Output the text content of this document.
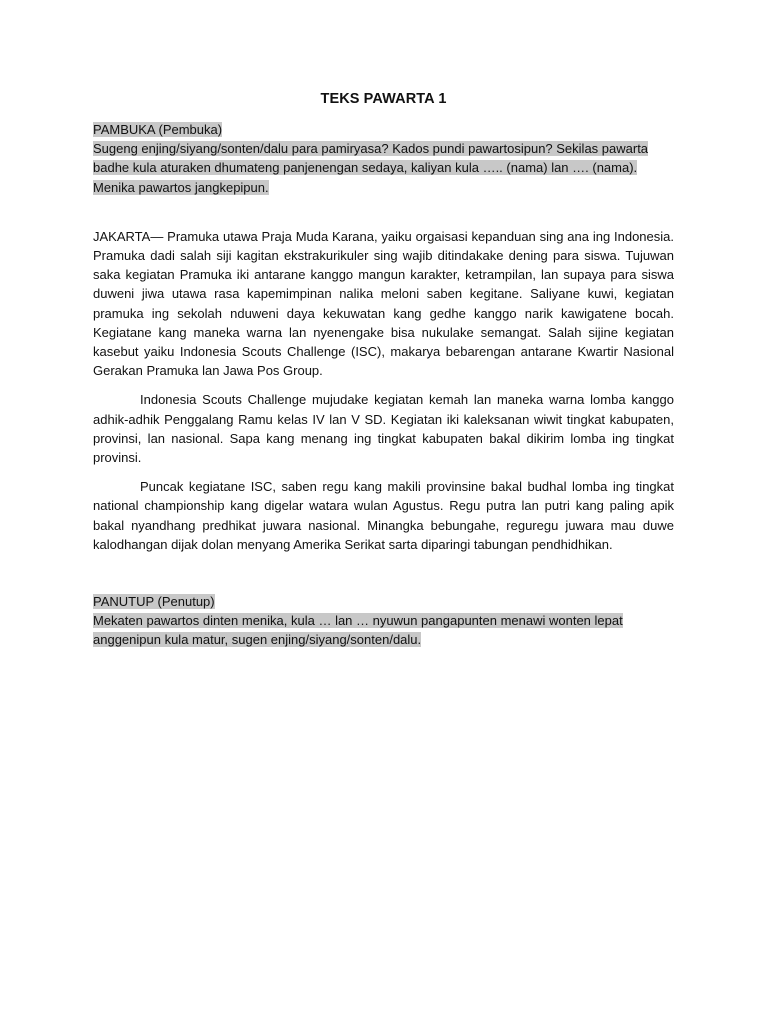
TEKS PAWARTA 1

PAMBUKA (Pembuka)
Sugeng enjing/siyang/sonten/dalu para pamiryasa? Kados pundi pawartosipun? Sekilas pawarta badhe kula aturaken dhumateng panjenengan sedaya, kaliyan kula ….. (nama) lan …. (nama). Menika pawartos jangkepipun.

JAKARTA— Pramuka utawa Praja Muda Karana, yaiku orgaisasi kepanduan sing ana ing Indonesia. Pramuka dadi salah siji kagitan ekstrakurikuler sing wajib ditindakake dening para siswa. Tujuwan saka kegiatan Pramuka iki antarane kanggo mangun karakter, ketrampilan, lan supaya para siswa duweni jiwa utawa rasa kapemimpinan nalika meloni saben kegitane. Saliyane kuwi, kegiatan pramuka ing sekolah nduweni daya kekuwatan kang gedhe kanggo narik kawigatene bocah. Kegiatane kang maneka warna lan nyenengake bisa nukulake semangat. Salah sijine kegiatan kasebut yaiku Indonesia Scouts Challenge (ISC), makarya bebarengan antarane Kwartir Nasional Gerakan Pramuka lan Jawa Pos Group.

Indonesia Scouts Challenge mujudake kegiatan kemah lan maneka warna lomba kanggo adhik-adhik Penggalang Ramu kelas IV lan V SD. Kegiatan iki kaleksanan wiwit tingkat kabupaten, provinsi, lan nasional. Sapa kang menang ing tingkat kabupaten bakal dikirim lomba ing tingkat provinsi.

Puncak kegiatane ISC, saben regu kang makili provinsine bakal budhal lomba ing tingkat national championship kang digelar watara wulan Agustus. Regu putra lan putri kang paling apik bakal nyandhang predhikat juwara nasional. Minangka bebungahe, reguregu juwara mau duwe kalodhangan dijak dolan menyang Amerika Serikat sarta diparingi tabungan pendhidhikan.

PANUTUP (Penutup)
Mekaten pawartos dinten menika, kula … lan … nyuwun pangapunten menawi wonten lepat anggenipun kula matur, sugen enjing/siyang/sonten/dalu.
